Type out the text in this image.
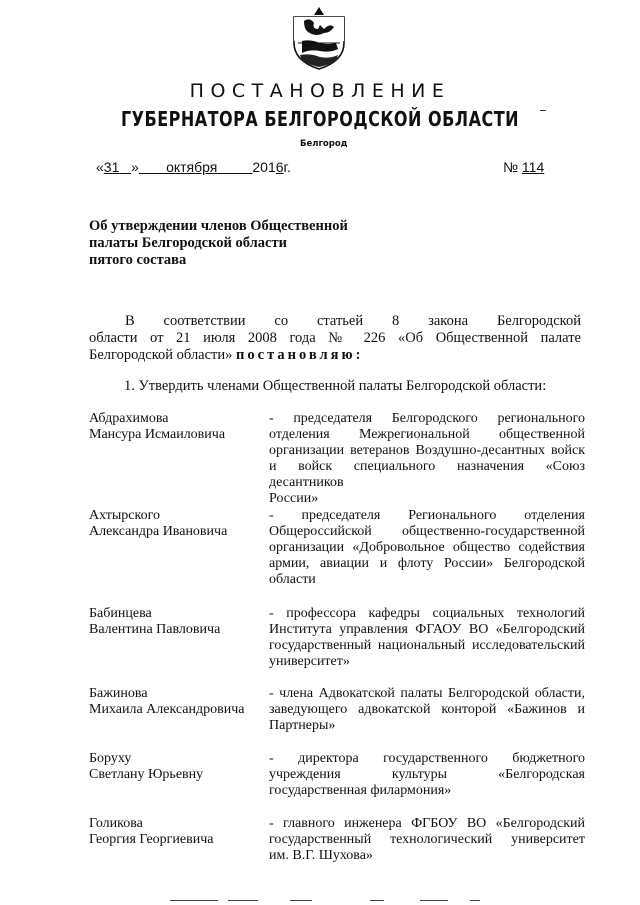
ПОСТАНОВЛЕНИЕ
ГУБЕРНАТОРА БЕЛГОРОДСКОЙ ОБЛАСТИ
Белгород
«31 » октября	2016г.	№ 114
Об утверждении членов Общественной
палаты Белгородской области
пятого состава
В соответствии со статьей 8 закона Белгородской
области от 21 июля 2008 года № 226 «Об Общественной палате
Белгородской области» постановляю:
1. Утвердить членами Общественной палаты Белгородской области:
Абдрахимова
Мансура Исмаиловича
- председателя Белгородского регионального
отделения Межрегиональной общественной
организации ветеранов Воздушно-десантных войск
и войск специального назначения «Союз десантников
России»
Ахтырского
Александра Ивановича
- председателя Регионального отделения
Общероссийской общественно-государственной
организации «Добровольное общество содействия
армии, авиации и флоту России» Белгородской
области
Бабинцева
Валентина Павловича
- профессора кафедры социальных технологий
Института управления ФГАОУ ВО «Белгородский
государственный национальный исследовательский
университет»
Бажинова
Михаила Александровича
- члена Адвокатской палаты Белгородской области,
заведующего адвокатской конторой «Бажинов и
Партнеры»
Боруху
Светлану Юрьевну
- директора государственного бюджетного
учреждения культуры «Белгородская
государственная филармония»
Голикова
Георгия Георгиевича
- главного инженера ФГБОУ ВО «Белгородский
государственный технологический университет
им. В.Г. Шухова»
